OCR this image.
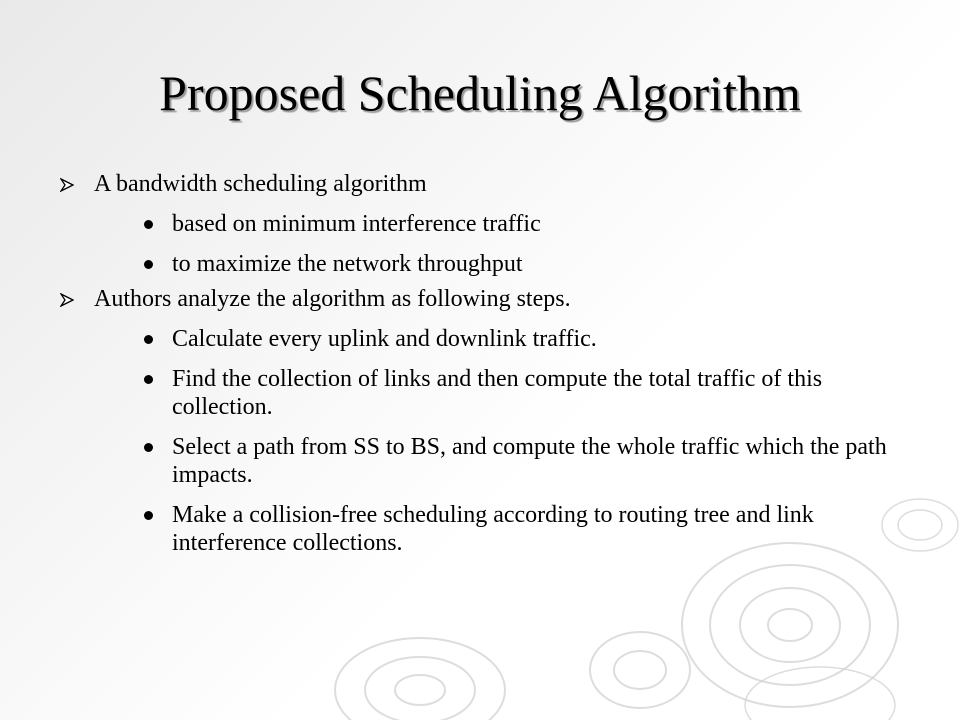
Proposed Scheduling Algorithm
A bandwidth scheduling algorithm
based on minimum interference traffic
to maximize the network throughput
Authors analyze the algorithm as following steps.
Calculate every uplink and downlink traffic.
Find the collection of links and then compute the total traffic of this collection.
Select a path from SS to BS, and compute the whole traffic which the path impacts.
Make a collision-free scheduling according to routing tree and link interference collections.
